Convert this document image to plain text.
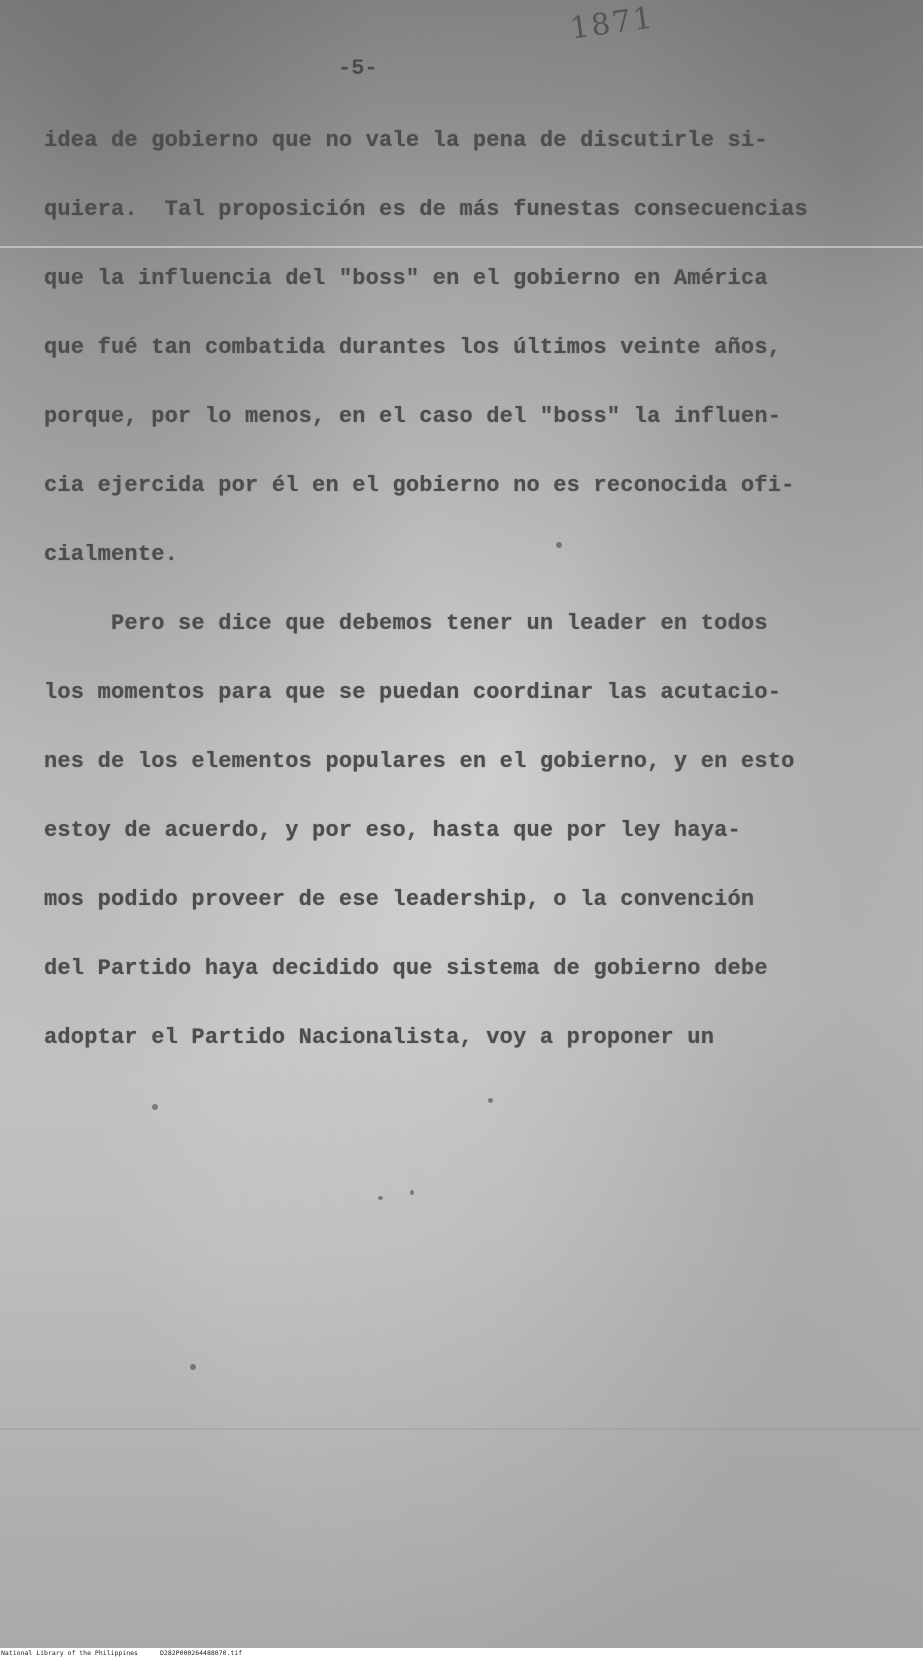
1871
-5-
idea de gobierno que no vale la pena de discutirle si-
quiera.  Tal proposición es de más funestas consecuencias
que la influencia del "boss" en el gobierno en América
que fué tan combatida durantes los últimos veinte años,
porque, por lo menos, en el caso del "boss" la influen-
cia ejercida por él en el gobierno no es reconocida ofi-
cialmente.
Pero se dice que debemos tener un leader en todos
los momentos para que se puedan coordinar las acutacio-
nes de los elementos populares en el gobierno, y en esto
estoy de acuerdo, y por eso, hasta que por ley haya-
mos podido proveer de ese leadership, o la convención
del Partido haya decidido que sistema de gobierno debe
adoptar el Partido Nacionalista, voy a proponer un
National Library of the Philippines	D282P000264488070.tif
